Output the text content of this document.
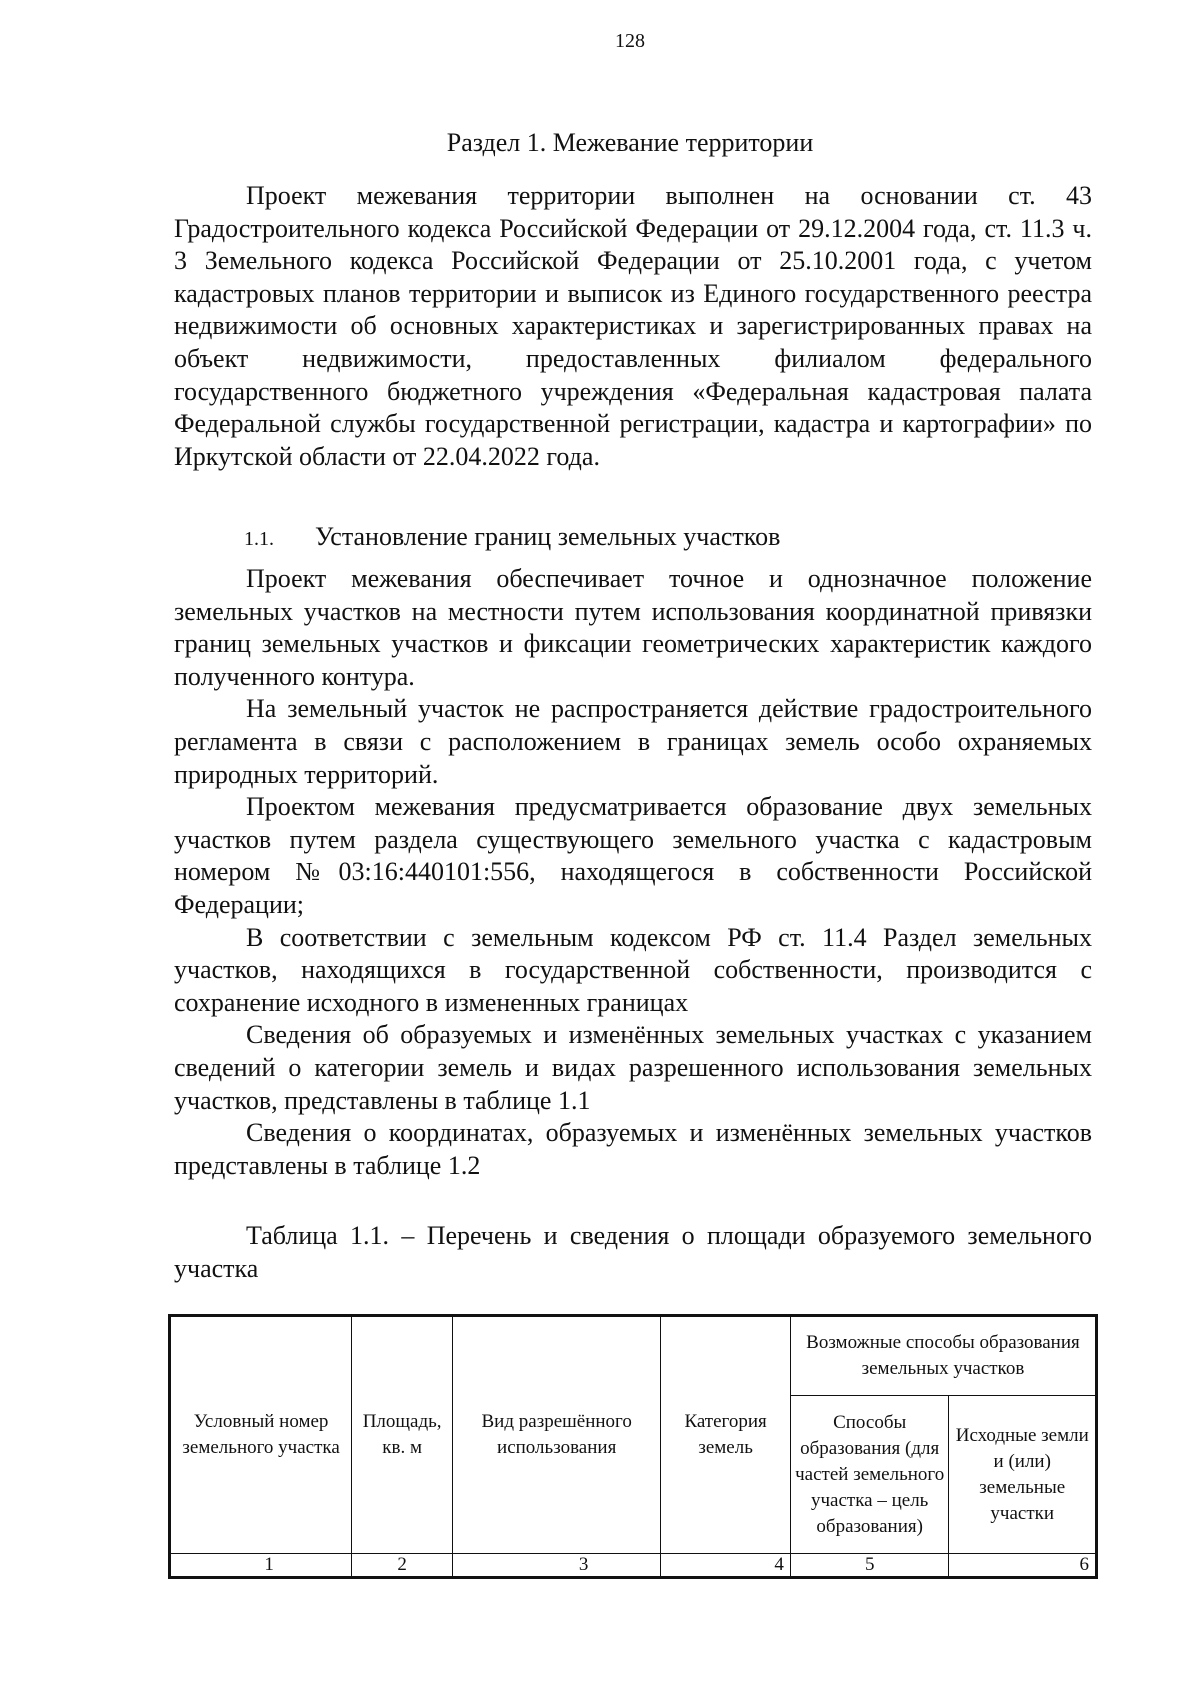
128
Раздел 1. Межевание территории
Проект межевания территории выполнен на основании ст. 43 Градостроительного кодекса Российской Федерации от 29.12.2004 года, ст. 11.3 ч. 3 Земельного кодекса Российской Федерации от 25.10.2001 года, с учетом кадастровых планов территории и выписок из Единого государственного реестра недвижимости об основных характеристиках и зарегистрированных правах на объект недвижимости, предоставленных филиалом федерального государственного бюджетного учреждения «Федеральная кадастровая палата Федеральной службы государственной регистрации, кадастра и картографии» по Иркутской области от 22.04.2022 года.
1.1. Установление границ земельных участков

Проект межевания обеспечивает точное и однозначное положение земельных участков на местности путем использования координатной привязки границ земельных участков и фиксации геометрических характеристик каждого полученного контура.

На земельный участок не распространяется действие градостроительного регламента в связи с расположением в границах земель особо охраняемых природных территорий.

Проектом межевания предусматривается образование двух земельных участков путем раздела существующего земельного участка с кадастровым номером №03:16:440101:556, находящегося в собственности Российской Федерации;

В соответствии с земельным кодексом РФ ст. 11.4 Раздел земельных участков, находящихся в государственной собственности, производится с сохранение исходного в измененных границах

Сведения об образуемых и изменённых земельных участках с указанием сведений о категории земель и видах разрешенного использования земельных участков, представлены в таблице 1.1

Сведения о координатах, образуемых и изменённых земельных участков представлены в таблице 1.2

Таблица 1.1. – Перечень и сведения о площади образуемого земельного участка
Условный номер земельного участка	Площадь, кв. м	Вид разрешённого использования	Категория земель	Возможные способы образования земельных участков	
				Способы образования (для частей земельного участка – цель образования)	Исходные земли и (или) земельные участки
1	2	3	4	5	6
